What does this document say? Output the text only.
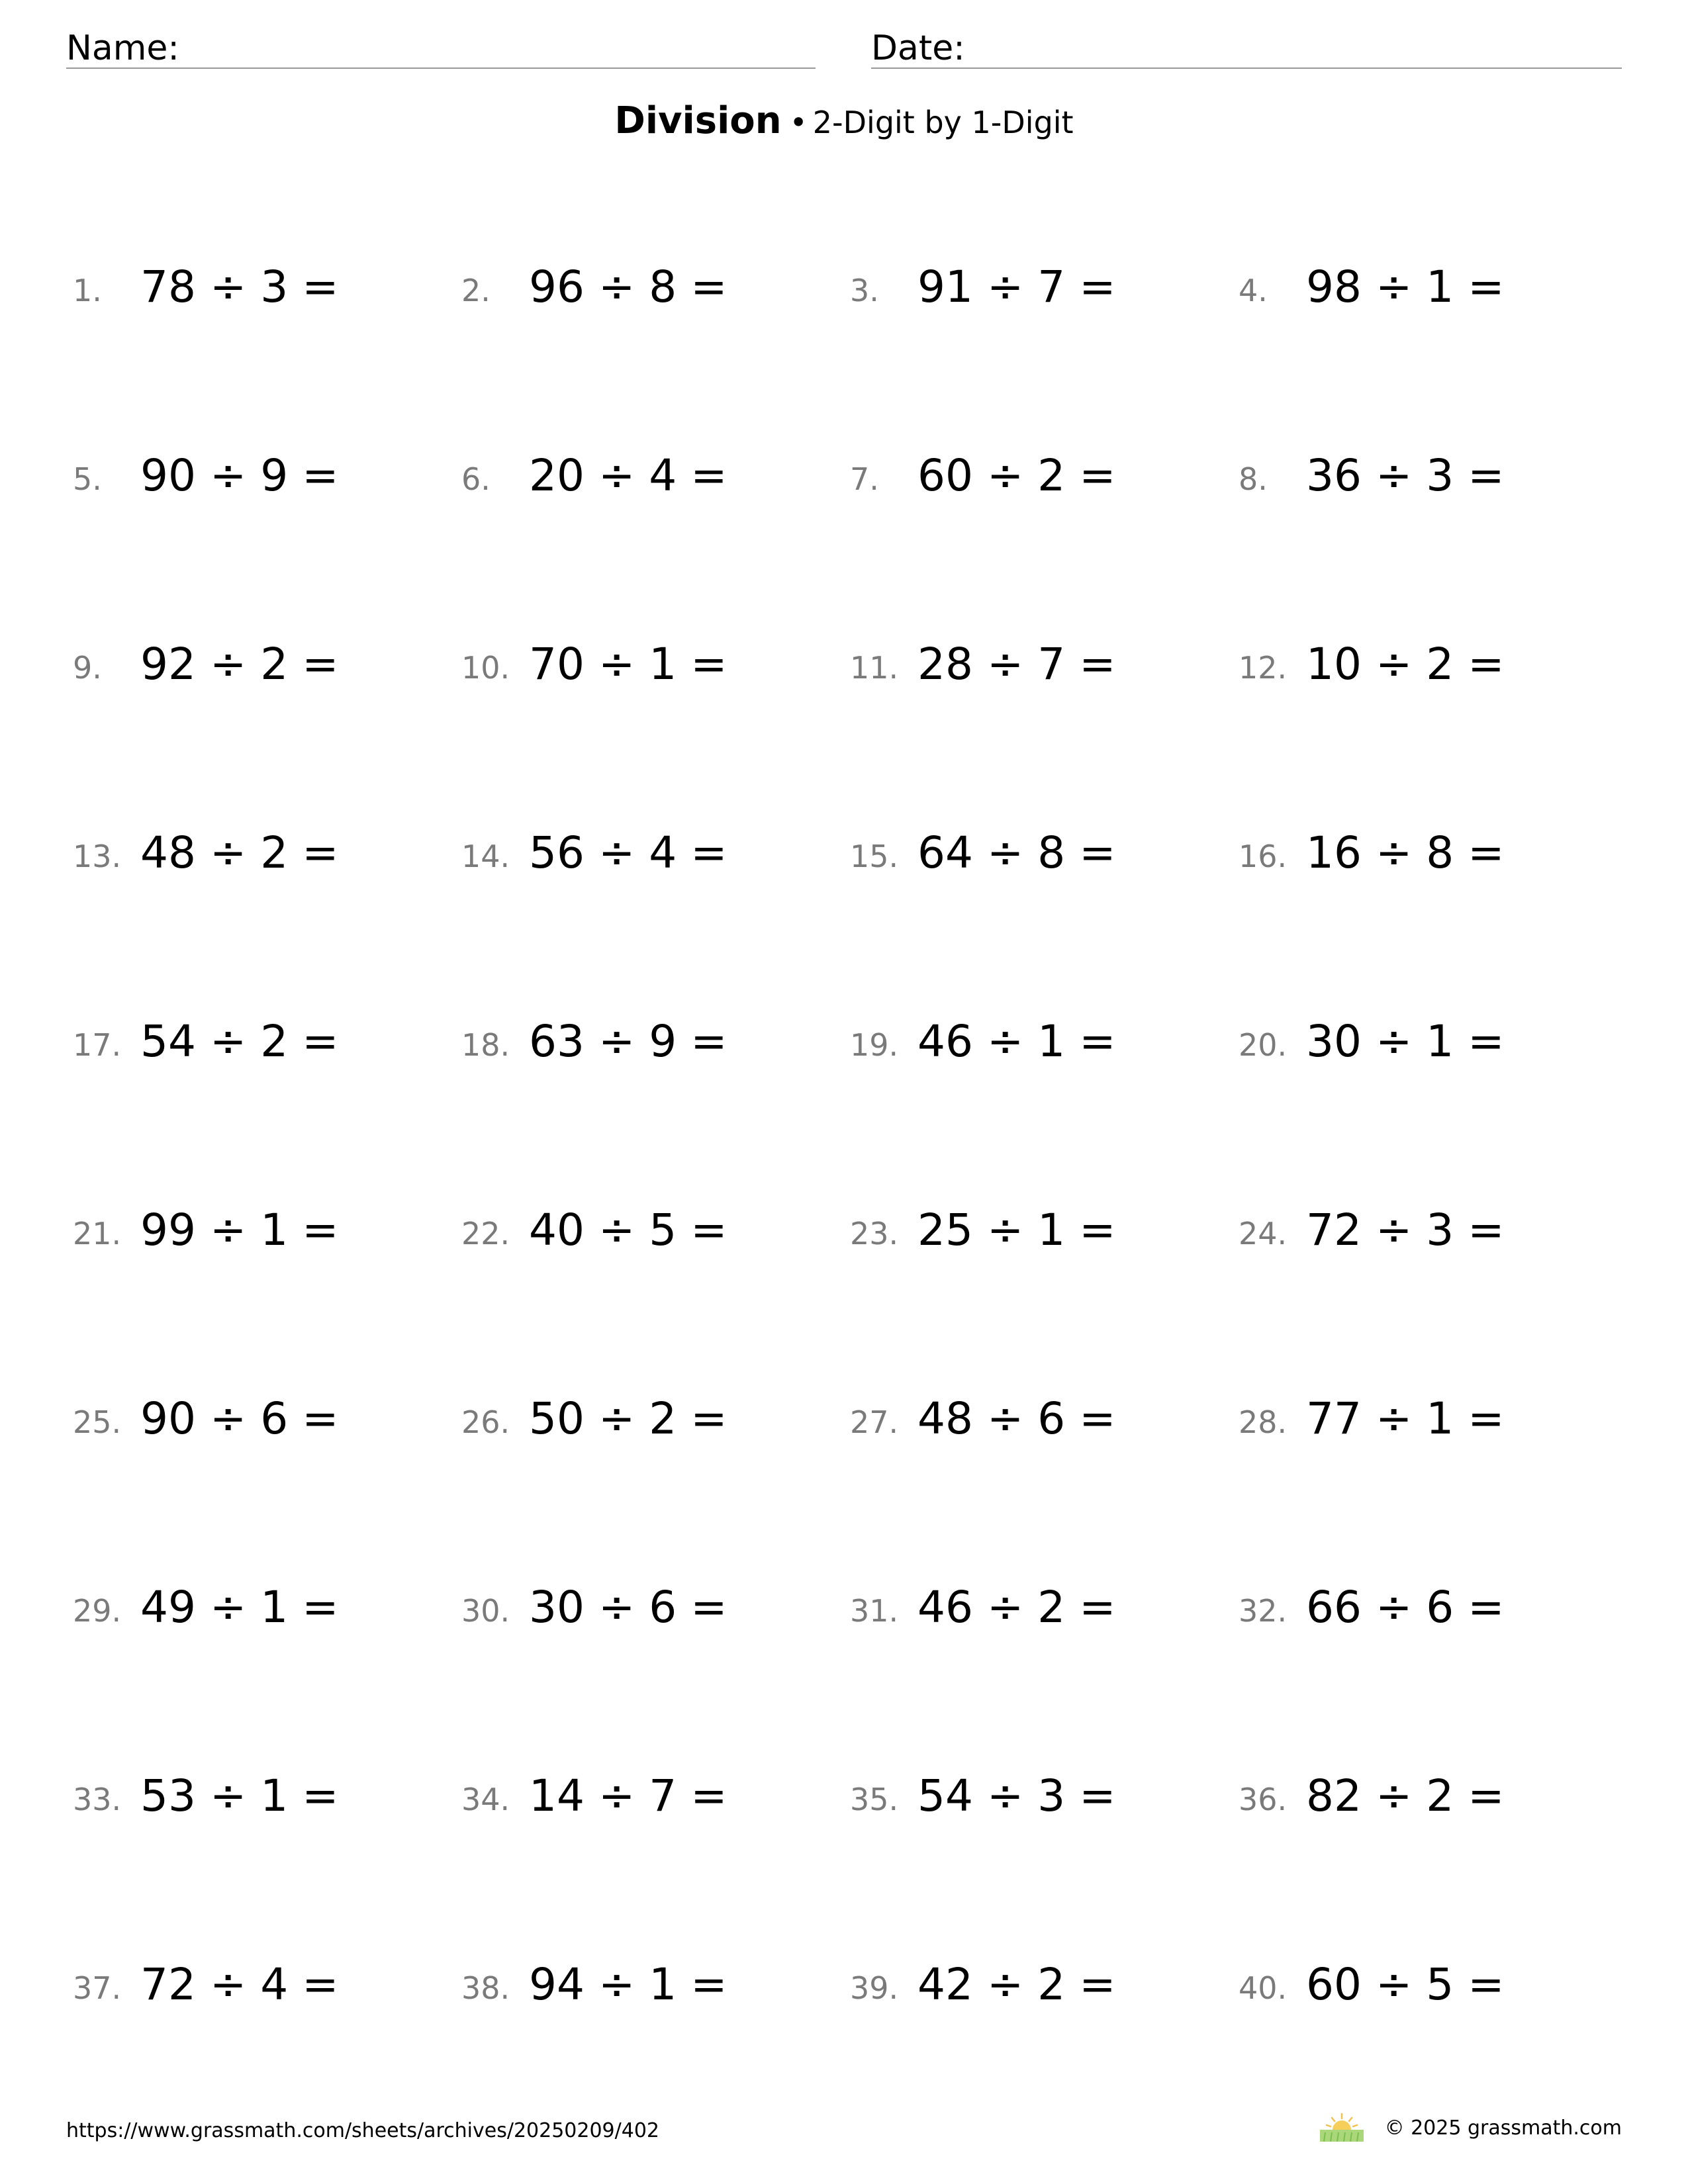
Name:	Date:
Division • 2-Digit by 1-Digit
1. 78 ÷ 3 =	2. 96 ÷ 8 =	3. 91 ÷ 7 =	4. 98 ÷ 1 =
5. 90 ÷ 9 =	6. 20 ÷ 4 =	7. 60 ÷ 2 =	8. 36 ÷ 3 =
9. 92 ÷ 2 =	10. 70 ÷ 1 =	11. 28 ÷ 7 =	12. 10 ÷ 2 =
13. 48 ÷ 2 =	14. 56 ÷ 4 =	15. 64 ÷ 8 =	16. 16 ÷ 8 =
17. 54 ÷ 2 =	18. 63 ÷ 9 =	19. 46 ÷ 1 =	20. 30 ÷ 1 =
21. 99 ÷ 1 =	22. 40 ÷ 5 =	23. 25 ÷ 1 =	24. 72 ÷ 3 =
25. 90 ÷ 6 =	26. 50 ÷ 2 =	27. 48 ÷ 6 =	28. 77 ÷ 1 =
29. 49 ÷ 1 =	30. 30 ÷ 6 =	31. 46 ÷ 2 =	32. 66 ÷ 6 =
33. 53 ÷ 1 =	34. 14 ÷ 7 =	35. 54 ÷ 3 =	36. 82 ÷ 2 =
37. 72 ÷ 4 =	38. 94 ÷ 1 =	39. 42 ÷ 2 =	40. 60 ÷ 5 =
https://www.grassmath.com/sheets/archives/20250209/402	© 2025 grassmath.com
